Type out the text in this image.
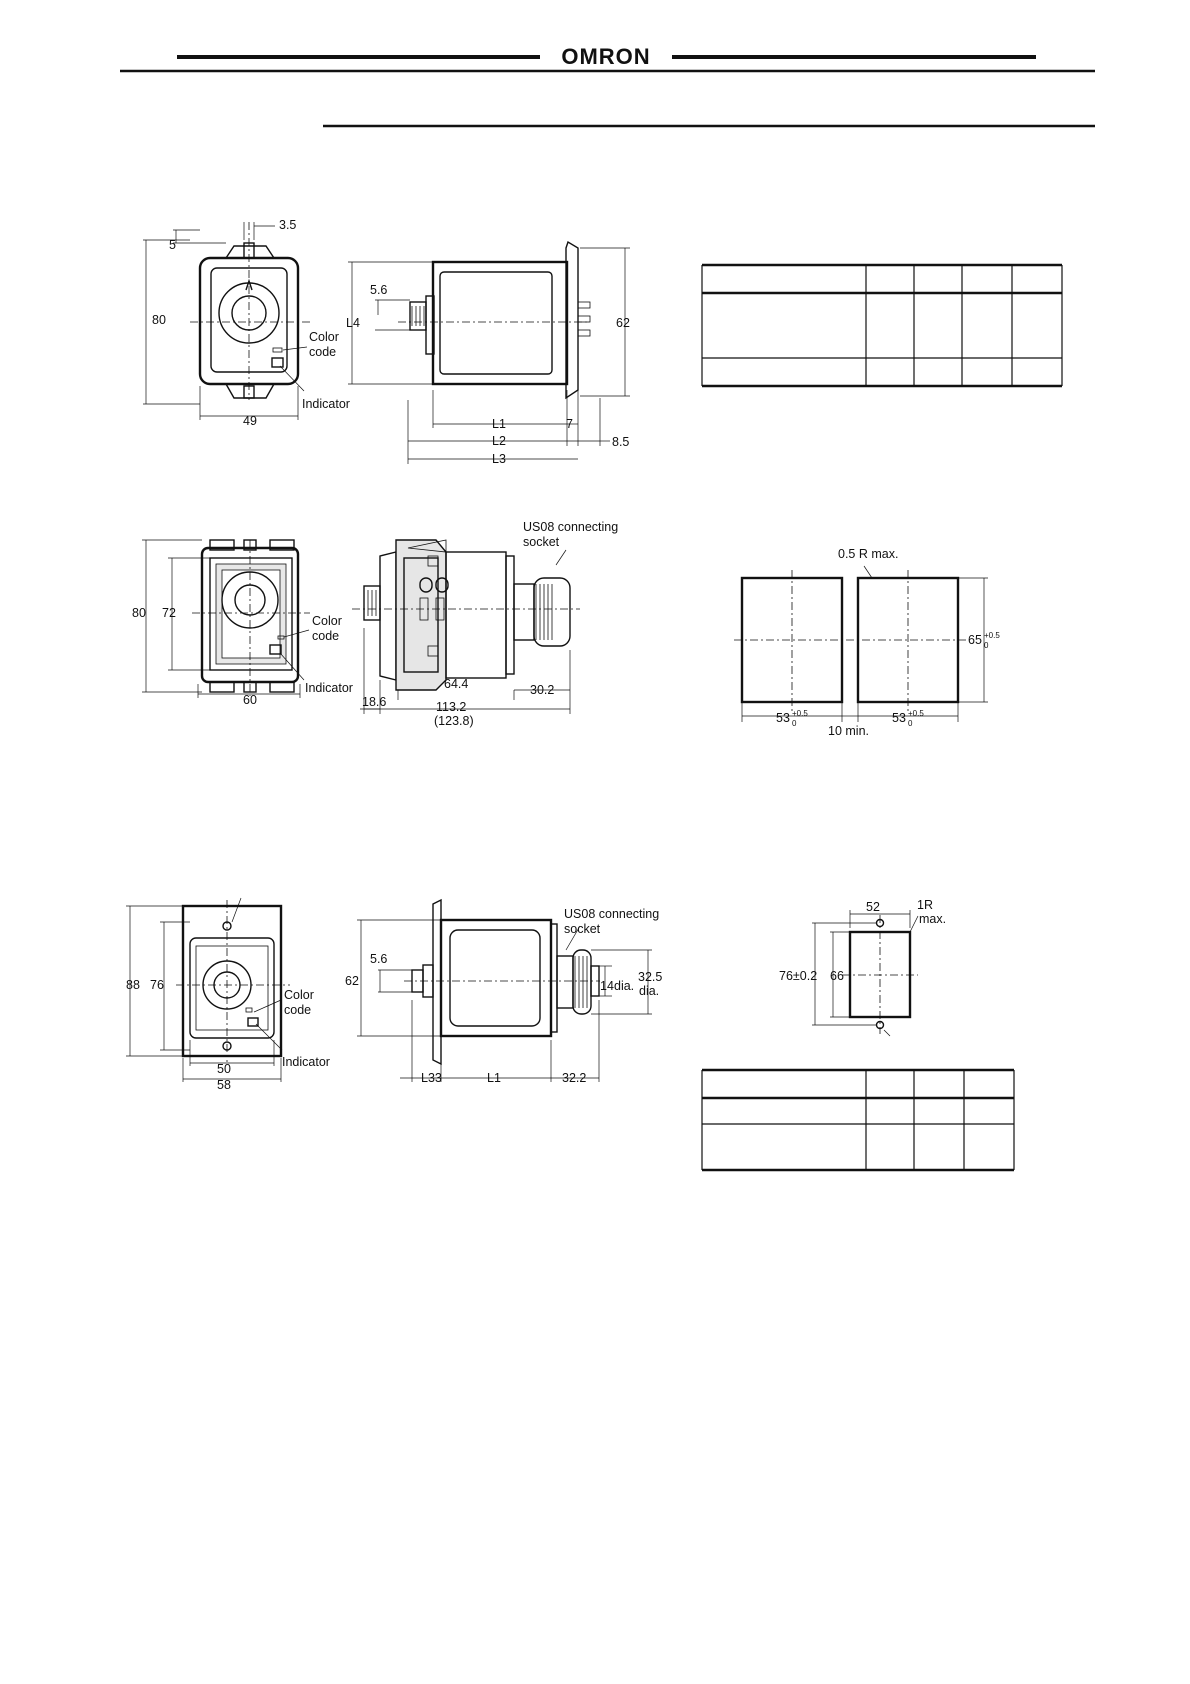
OMRON
3.5
5
80
49
Color
code
Indicator
5.6
L4	62
L1	7
L2	8.5
L3
80 72
60
Color
code
Indicator
US08 connecting
socket
64.4
18.6
30.2
113.2
(123.8)
0.5 R max.
65 +0.5
0
53 +0.5
0	53 +0.5
0
10 min.
88 76
50
58
Color
code
Indicator
US08 connecting
socket
5.6
62	14 dia.
32.5
dia.
L33	L1	32.2
52	1R
max.
76±0.2 66
